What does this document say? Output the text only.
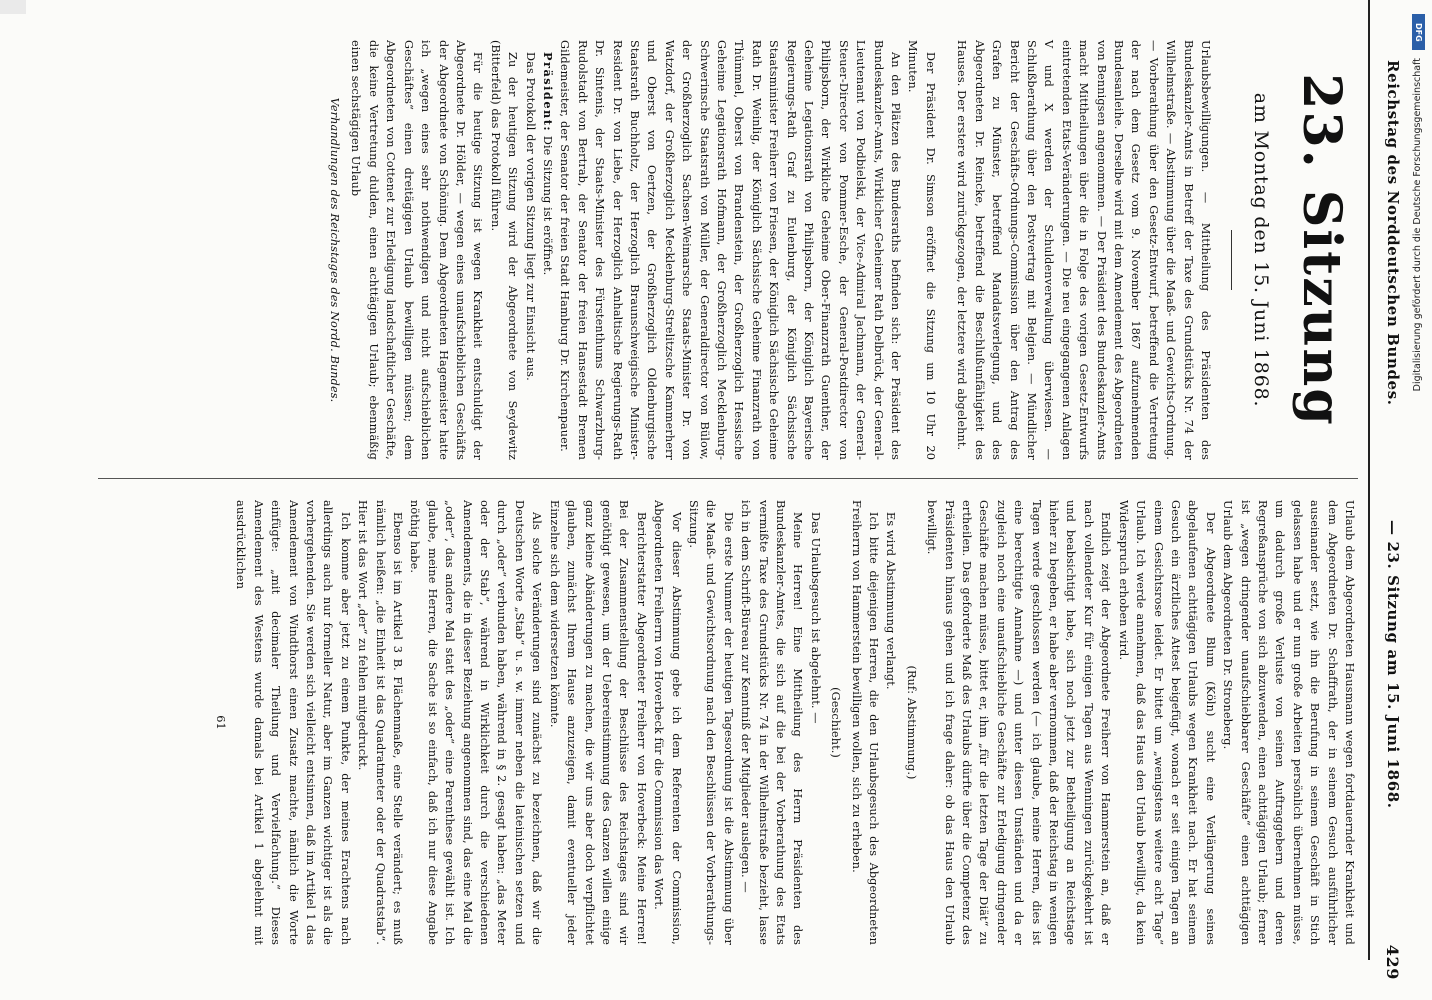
Reichstag des Norddeutschen Bundes.
— 23. Sitzung am 15. Juni 1868.
429
23. Sitzung
am Montag den 15. Juni 1868.

Urlaubsbewilligungen. — Mittheilung des Präsidenten des Bundeskanzler-Amts in Betreff der Taxe des Grundstücks Nr. 74 der Wilhelmstraße. — Abstimmung über die Maaß- und Gewichts-Ordnung. — Vorberathung über den Gesetz-Entwurf, betreffend die Vertretung der nach dem Gesetz vom 9. November 1867 aufzunehmenden Bundesanleihe. Derselbe wird mit dem Amendement des Abgeordneten von Bennigsen angenommen. — Der Präsident des Bundeskanzler-Amts macht Mittheilungen über die in Folge des vorigen Gesetz-Entwurfs eintretenden Etats-Veränderungen. — Die neu eingegangenen Anlagen V und X werden der Schuldenverwaltung überwiesen. — Schlußberathung über den Postvertrag mit Belgien. — Mündlicher Bericht der Geschäfts-Ordnungs-Commission über den Antrag des Grafen zu Münster, betreffend Mandatsverlegung, und des Abgeordneten Dr. Reincke, betreffend die Beschlußunfähigkeit des Hauses. Der erstere wird zurückgezogen, der letztere wird abgelehnt.

Der Präsident Dr. Simson eröffnet die Sitzung um 10 Uhr 20 Minuten.

An den Plätzen des Bundesraths befinden sich: der Präsident des Bundeskanzler-Amts, Wirklicher Geheimer Rath Delbrück, der General-Lieutenant von Podbielski, der Vice-Admiral Jachmann, der General-Steuer-Director von Pommer-Esche, der General-Postdirector von Philipsborn, der Wirkliche Geheime Ober-Finanzrath Guenther, der Geheime Legationsrath von Philipsborn, der Königlich Bayerische Regierungs-Rath Graf zu Eulenburg, der Königlich Sächsische Staatsminister Freiherr von Friesen, der Königlich Sächsische Geheime Rath Dr. Weinlig, der Königlich Sächsische Geheime Finanzrath von Thümmel, Oberst von Brandenstein, der Großherzoglich Hessische Geheime Legationsrath Hofmann, der Großherzoglich Mecklenburg-Schwerinsche Staatsrath von Müller, der Generaldirector von Bülow, der Großherzoglich Sachsen-Weimarsche Staats-Minister Dr. von Watzdorf, der Großherzoglich Mecklenburg-Strelitzsche Kammerherr und Oberst von Oertzen, der Großherzoglich Oldenburgische Staatsrath Buchholtz, der Herzoglich Braunschweigische Minister-Resident Dr. von Liebe, der Herzoglich Anhaltische Regierungs-Rath Dr. Sintenis, der Staats-Minister des Fürstenthums Schwarzburg-Rudolstadt von Bertrab, der Senator der freien Hansestadt Bremen Gildemeister, der Senator der freien Stadt Hamburg Dr. Kirchenpauer.

Präsident: Die Sitzung ist eröffnet.

Das Protokoll der vorigen Sitzung liegt zur Einsicht aus.

Zu der heutigen Sitzung wird der Abgeordnete von Seydewitz (Bitterfeld) das Protokoll führen.

Für die heutige Sitzung ist wegen Krankheit entschuldigt der Abgeordnete Dr. Hölder, — wegen eines unaufschieblichen Geschäfts der Abgeordnete von Schöning. Dem Abgeordneten Hagemeister hatte ich „wegen eines sehr nothwendigen und nicht aufschieblichen Geschäftes“ einen dreitägigen Urlaub bewilligen müssen; dem Abgeordneten von Cottenet zur Erledigung landschaftlicher Geschäfte, die keine Vertretung dulden, einen achttägigen Urlaub; ebenmäßig einen sechstägigen Urlaub

Verhandlungen des Reichstages des Nordd. Bundes.

Urlaub dem Abgeordneten Hausmann wegen fortdauernder Krankheit und dem Abgeordneten Dr. Schaffrath, der in seinem Gesuch ausführlicher auseinander setzt, wie ihn die Berufung in seinem Geschäft in Stich gelassen habe und er nun große Arbeiten persönlich übernehmen müsse, um dadurch große Verluste von seinen Auftraggebern und deren Regreßansprüche von sich abzuwenden, einen achttägigen Urlaub; ferner ist „wegen dringender unaufschiebbarer Geschäfte“ einen achttägigen Urlaub dem Abgeordneten Dr. Stroneberg.

Der Abgeordnete Blum (Köln) sucht eine Verlängerung seines abgelaufenen achttägigen Urlaubs wegen Krankheit nach. Er hat seinem Gesuch ein ärztliches Attest beigefügt, wonach er seit einigen Tagen an einem Gesichtsrose leidet. Er bittet um „wenigstens weitere acht Tage“ Urlaub. Ich werde annehmen, daß das Haus den Urlaub bewilligt, da kein Widerspruch erhoben wird.

Endlich zeigt der Abgeordnete Freiherr von Hammerstein an, daß er nach vollendeter Kur für einigen Tagen aus Wenningen zurückgekehrt ist und beabsichtigt habe, sich noch jetzt zur Betheiligung an Reichstage hieher zu begeben, er habe aber vernommen, daß der Reichstag in wenigen Tagen werde geschlossen werden (— ich glaube, meine Herren, dies ist eine berechtigte Annahme —) und unter diesen Umständen und da er zugleich noch eine unaufschiebliche Geschäfte zur Erledigung dringender Geschäfte machen müsse, bittet er, ihm „für die letzten Tage der Diät“ zu ertheilen. Das geforderte Maß des Urlaubs dürfte über die Competenz des Präsidenten hinaus gehen und ich frage daher: ob das Haus den Urlaub bewilligt.

(Ruf: Abstimmung.)

Es wird Abstimmung verlangt.

Ich bitte diejenigen Herren, die den Urlaubsgesuch des Abgeordneten Freiherrn von Hammerstein bewilligen wollen, sich zu erheben.

(Geschieht.)

Das Urlaubsgesuch ist abgelehnt. —

Meine Herren! Eine Mittheilung des Herrn Präsidenten des Bundeskanzler-Amtes, die sich auf die bei der Vorberathung des Etats vermißte Taxe des Grundstücks Nr. 74 in der Wilhelmstraße bezieht, lasse ich in dem Schrift-Büreau zur Kenntniß der Mitglieder auslegen. —

Die erste Nummer der heutigen Tagesordnung ist die Abstimmung über die Maaß- und Gewichtsordnung nach den Beschlüssen der Vorberathungs-Sitzung.

Vor dieser Abstimmung gebe ich dem Referenten der Commission, Abgeordneten Freiherrn von Hoverbeck für die Commission das Wort.

Berichterstatter Abgeordneter Freiherr von Hoverbeck: Meine Herren! Bei der Zusammenstellung der Beschlüsse des Reichstages sind wir genöthigt gewesen, um der Uebereinstimmung des Ganzen willen einige ganz kleine Abänderungen zu machen, die wir uns aber doch verpflichtet glauben, zunächst Ihrem Hause anzuzeigen, damit eventueller jeder Einzelne sich dem widersetzen könnte.

Als solche Veränderungen sind zunächst zu bezeichnen, daß wir die Deutschen Worte „Stab“ u. s. w. immer neben die lateinischen setzen und durch „oder“ verbunden haben, während in § 2. gesagt haben: „das Meter oder der Stab“, während in Wirklichkeit durch die verschiedenen Amendements, die in dieser Beziehung angenommen sind, das eine Mal die „oder“, das andere Mal statt des „oder“ eine Parenthese gewählt ist. Ich glaube, meine Herren, die Sache ist so einfach, daß ich nur diese Angabe nöthig habe.

Ebenso ist im Artikel 3 B. Flächenmaße, eine Stelle verändert; es muß nämlich heißen: „die Einheit ist das Quadratmeter oder der Quadratstab“. Hier ist das Wort „der“ zu fehlen mitgedruckt.

Ich komme aber jetzt zu einem Punkte, der meines Erachtens nach allerdings auch nur formeller Natur, aber im Ganzen wichtiger ist als die vorhergehenden. Sie werden sich vielleicht entsinnen, daß im Artikel 1 das Amendement von Windthorst einen Zusatz machte, nämlich die Worte einfügte: „mit decimaler Theilung und Vervielfachung.“ Dieses Amendement des Westens wurde damals bei Artikel 1 abgelehnt mit ausdrücklichen

61

DFG
Digitalisierung gefördert durch die Deutsche Forschungsgemeinschaft
